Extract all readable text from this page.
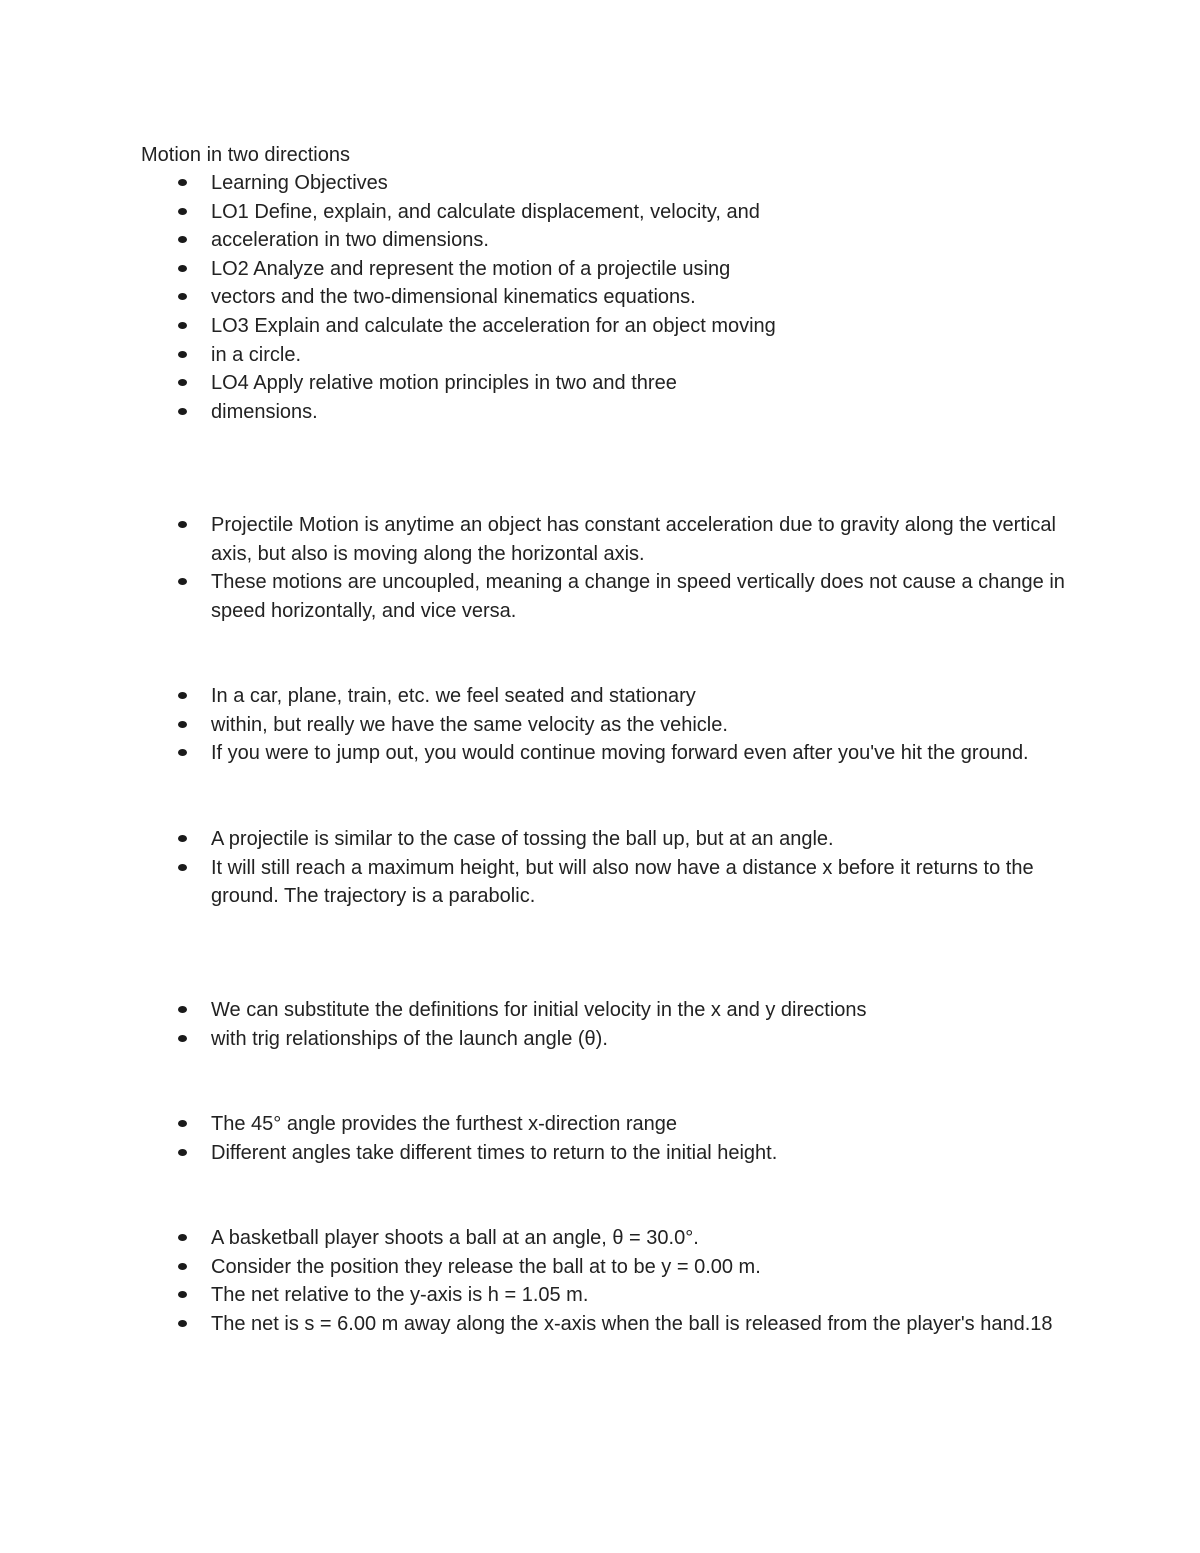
Motion in two directions
Learning Objectives
LO1 Define, explain, and calculate displacement, velocity, and
acceleration in two dimensions.
LO2 Analyze and represent the motion of a projectile using
vectors and the two-dimensional kinematics equations.
LO3 Explain and calculate the acceleration for an object moving
in a circle.
LO4 Apply relative motion principles in two and three
dimensions.
Projectile Motion is anytime an object has constant acceleration due to gravity along the vertical axis, but also is moving along the horizontal axis.
These motions are uncoupled, meaning a change in speed vertically does not cause a change in speed horizontally, and vice versa.
In a car, plane, train, etc. we feel seated and stationary
within, but really we have the same velocity as the vehicle.
If you were to jump out, you would continue moving forward even after you've hit the ground.
A projectile is similar to the case of tossing the ball up, but at an angle.
It will still reach a maximum height, but will also now have a distance x before it returns to the ground. The trajectory is a parabolic.
We can substitute the definitions for initial velocity in the x and y directions
with trig relationships of the launch angle (θ).
The 45° angle provides the furthest x-direction range
Different angles take different times to return to the initial height.
A basketball player shoots a ball at an angle, θ = 30.0°.
Consider the position they release the ball at to be y = 0.00 m.
The net relative to the y-axis is h = 1.05 m.
The net is s = 6.00 m away along the x-axis when the ball is released from the player's hand.18
